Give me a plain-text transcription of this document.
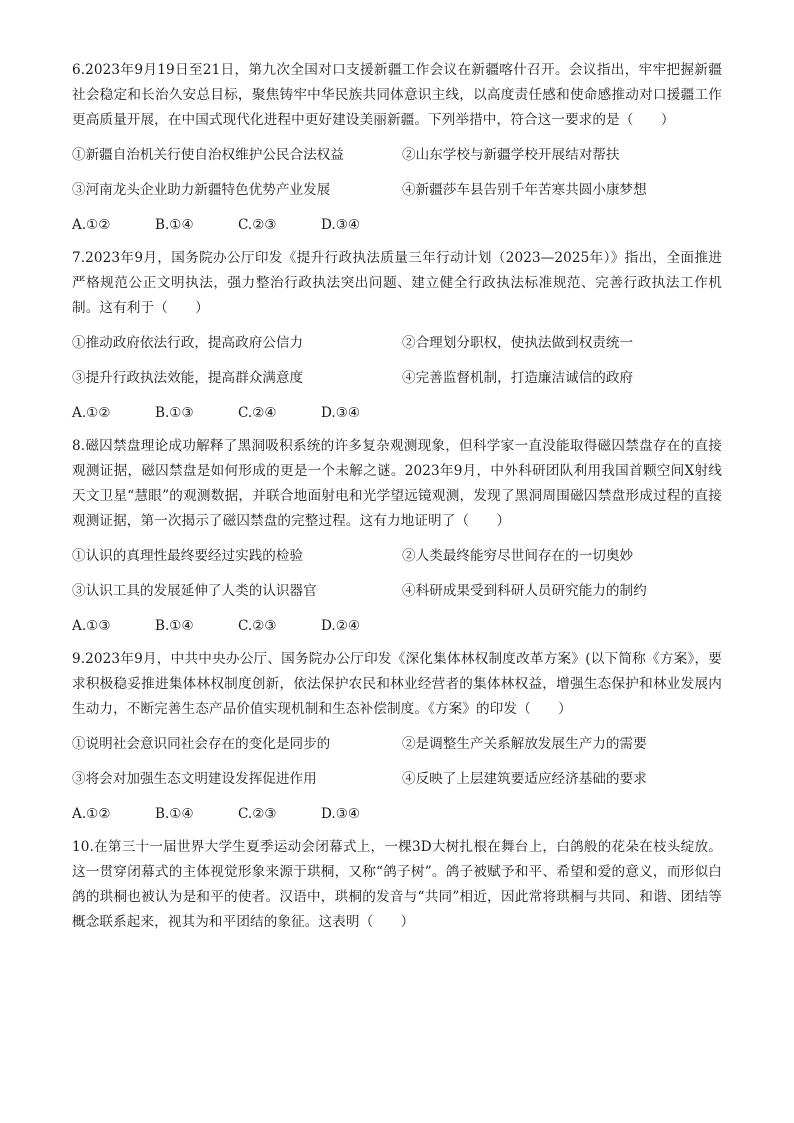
6.2023年9月19日至21日，第九次全国对口支援新疆工作会议在新疆喀什召开。会议指出，牢牢把握新疆社会稳定和长治久安总目标，聚焦铸牢中华民族共同体意识主线，以高度责任感和使命感推动对口援疆工作更高质量开展，在中国式现代化进程中更好建设美丽新疆。下列举措中，符合这一要求的是（　　）

①新疆自治机关行使自治权维护公民合法权益	②山东学校与新疆学校开展结对帮扶
③河南龙头企业助力新疆特色优势产业发展	④新疆莎车县告别千年苦寒共圆小康梦想
A.①②	B.①④	C.②③	D.③④

7.2023年9月，国务院办公厅印发《提升行政执法质量三年行动计划（2023—2025年）》指出，全面推进严格规范公正文明执法，强力整治行政执法突出问题、建立健全行政执法标准规范、完善行政执法工作机制。这有利于（　　）

①推动政府依法行政，提高政府公信力	②合理划分职权，使执法做到权责统一
③提升行政执法效能，提高群众满意度	④完善监督机制，打造廉洁诚信的政府
A.①②	B.①③	C.②④	D.③④

8.磁囚禁盘理论成功解释了黑洞吸积系统的许多复杂观测现象，但科学家一直没能取得磁囚禁盘存在的直接观测证据，磁囚禁盘是如何形成的更是一个未解之谜。2023年9月，中外科研团队利用我国首颗空间X射线天文卫星“慧眼”的观测数据，并联合地面射电和光学望远镜观测，发现了黑洞周围磁囚禁盘形成过程的直接观测证据，第一次揭示了磁囚禁盘的完整过程。这有力地证明了（　　）

①认识的真理性最终要经过实践的检验	②人类最终能穷尽世间存在的一切奥妙
③认识工具的发展延伸了人类的认识器官	④科研成果受到科研人员研究能力的制约
A.①③	B.①④	C.②③	D.②④

9.2023年9月，中共中央办公厅、国务院办公厅印发《深化集体林权制度改革方案》(以下简称《方案》，要求积极稳妥推进集体林权制度创新，依法保护农民和林业经营者的集体林权益，增强生态保护和林业发展内生动力，不断完善生态产品价值实现机制和生态补偿制度。《方案》的印发（　　）

①说明社会意识同社会存在的变化是同步的	②是调整生产关系解放发展生产力的需要
③将会对加强生态文明建设发挥促进作用	④反映了上层建筑要适应经济基础的要求
A.①②	B.①④	C.②③	D.③④

10.在第三十一届世界大学生夏季运动会闭幕式上，一棵3D大树扎根在舞台上，白鸽般的花朵在枝头绽放。这一贯穿闭幕式的主体视觉形象来源于珙桐，又称“鸽子树”。鸽子被赋予和平、希望和爱的意义，而形似白鸽的珙桐也被认为是和平的使者。汉语中，珙桐的发音与“共同”相近，因此常将珙桐与共同、和谐、团结等概念联系起来，视其为和平团结的象征。这表明（　　）
